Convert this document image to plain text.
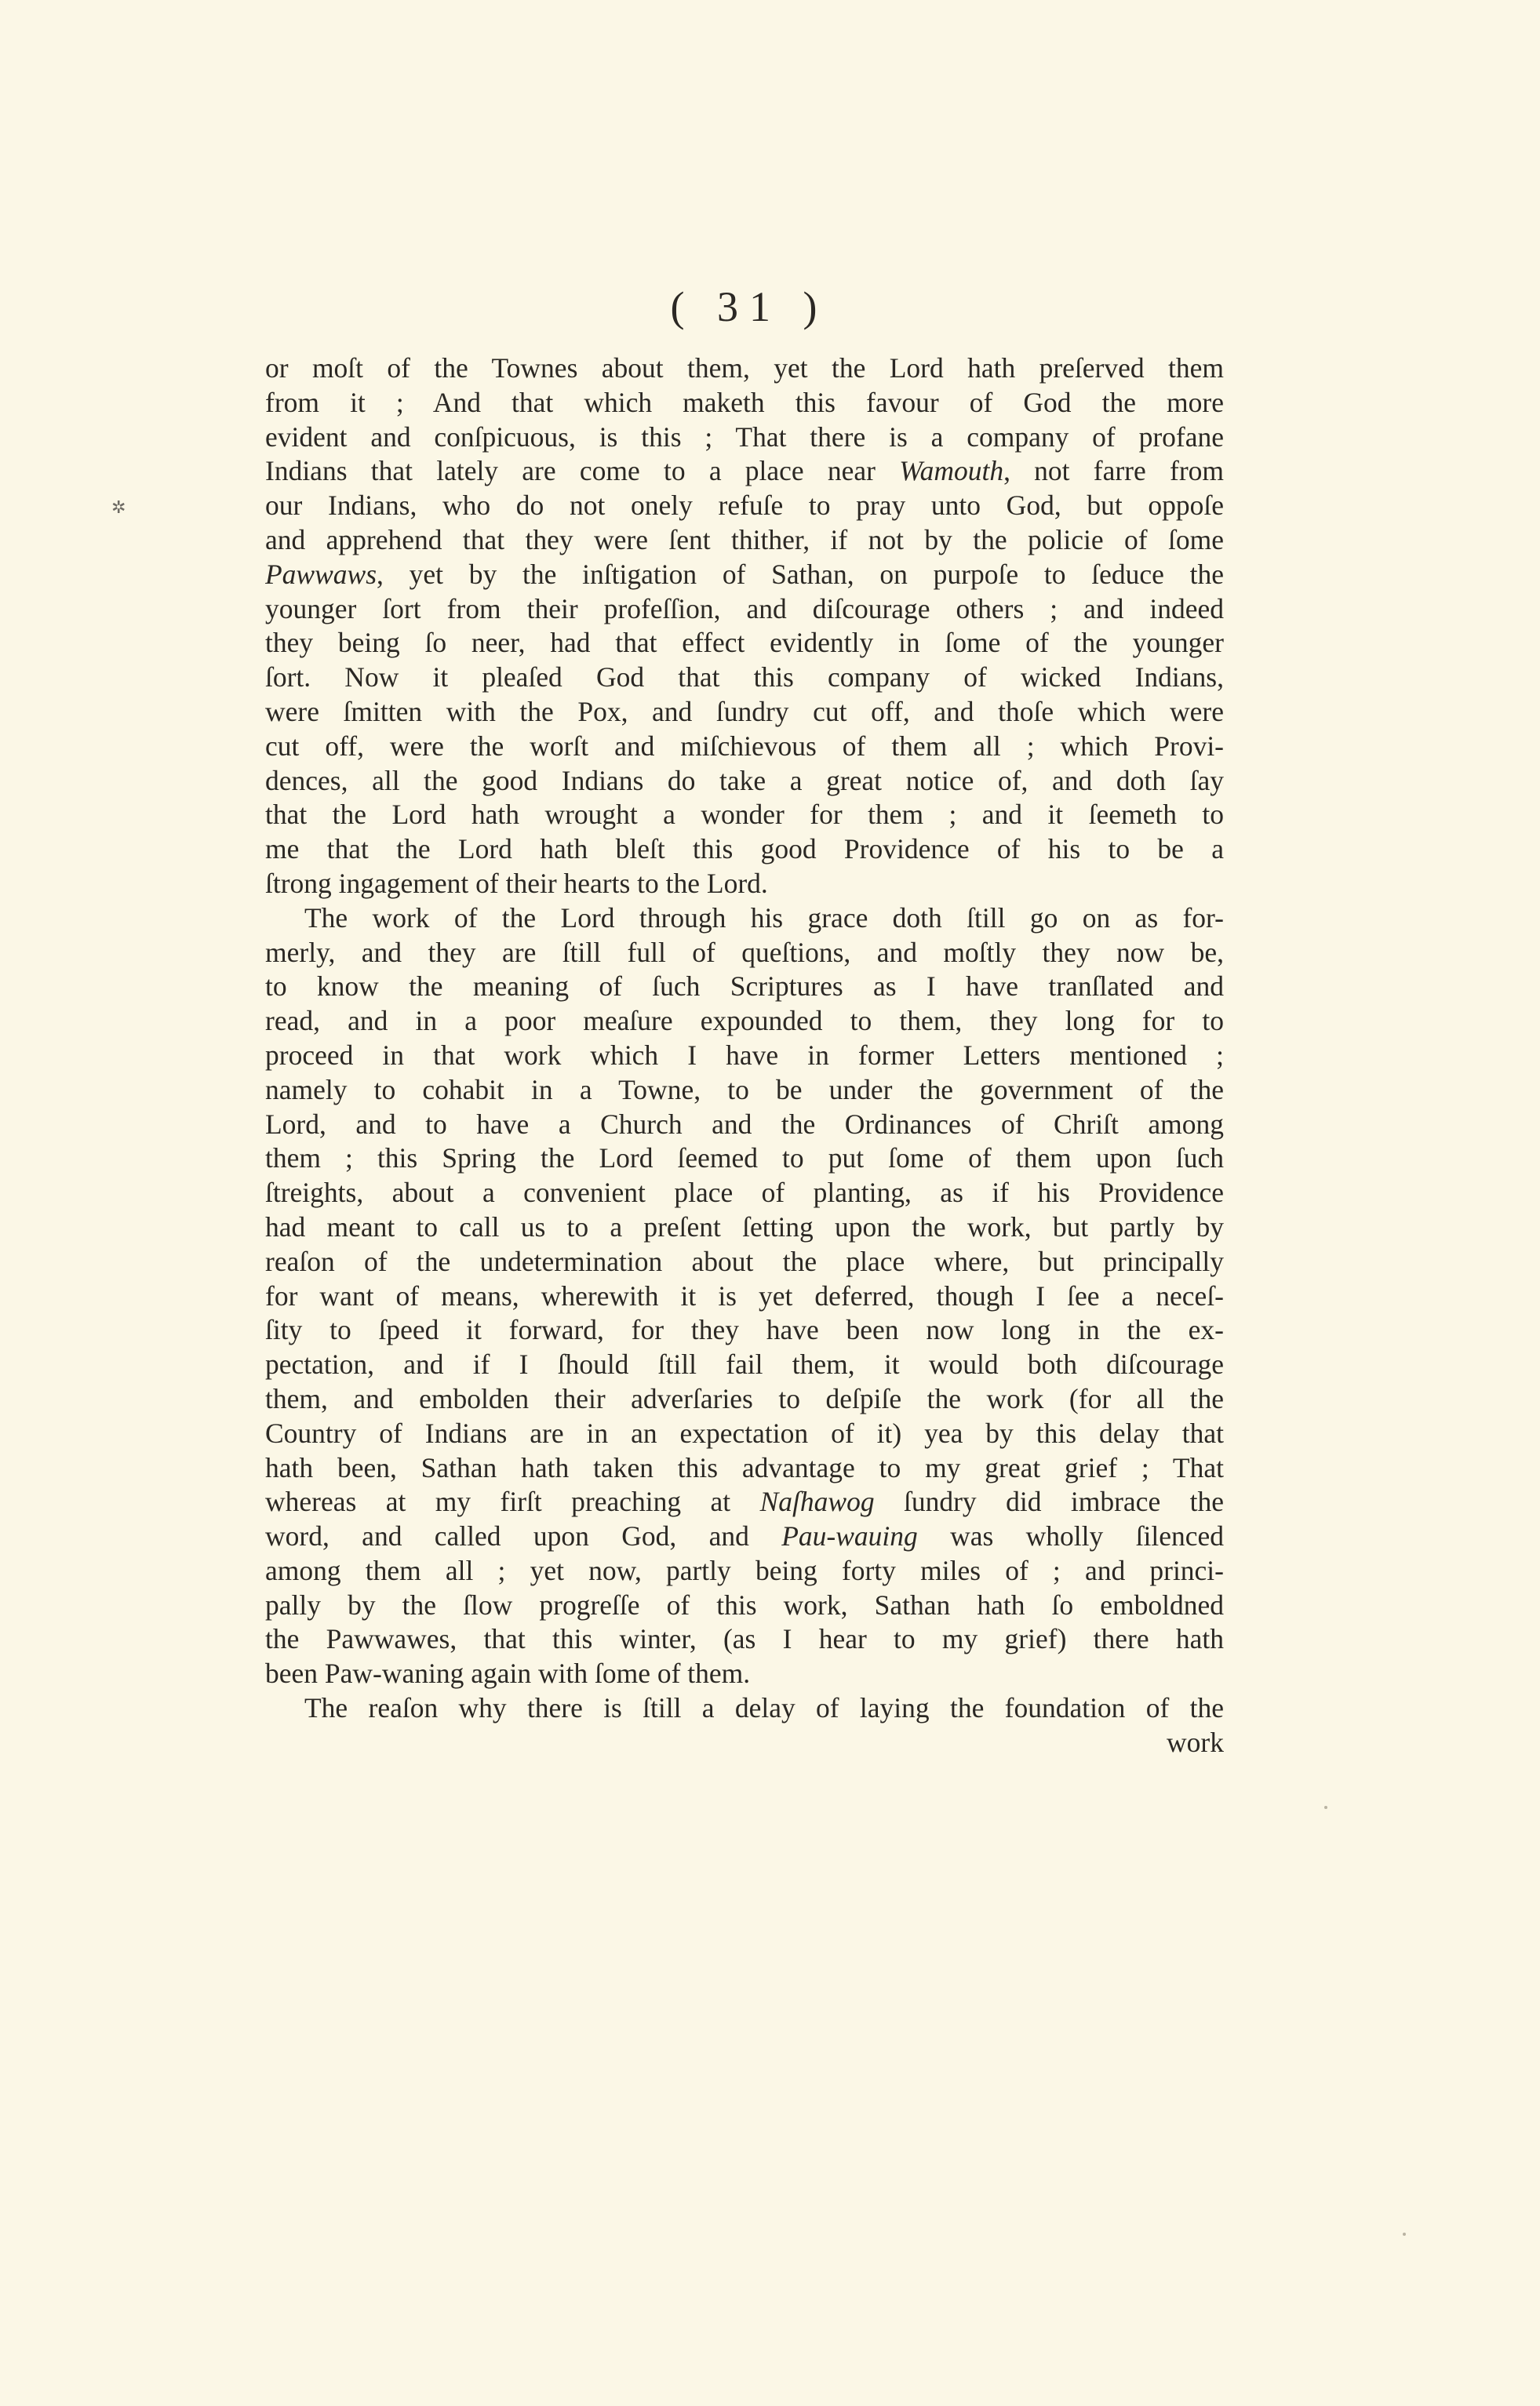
( 31 )
✲
or moſt of the Townes about them, yet the Lord hath preſerved them
from it ; And that which maketh this favour of God the more
evident and conſpicuous, is this ; That there is a company of profane
Indians that lately are come to a place near Wamouth, not farre from
our Indians, who do not onely refuſe to pray unto God, but oppoſe
and apprehend that they were ſent thither, if not by the policie of ſome
Pawwaws, yet by the inſtigation of Sathan, on purpoſe to ſeduce the
younger ſort from their profeſſion, and diſcourage others ; and indeed
they being ſo neer, had that effect evidently in ſome of the younger
ſort. Now it pleaſed God that this company of wicked Indians,
were ſmitten with the Pox, and ſundry cut off, and thoſe which were
cut off, were the worſt and miſchievous of them all ; which Provi-
dences, all the good Indians do take a great notice of, and doth ſay
that the Lord hath wrought a wonder for them ; and it ſeemeth to
me that the Lord hath bleſt this good Providence of his to be a
ſtrong ingagement of their hearts to the Lord.
The work of the Lord through his grace doth ſtill go on as for-
merly, and they are ſtill full of queſtions, and moſtly they now be,
to know the meaning of ſuch Scriptures as I have tranſlated and
read, and in a poor meaſure expounded to them, they long for to
proceed in that work which I have in former Letters mentioned ;
namely to cohabit in a Towne, to be under the government of the
Lord, and to have a Church and the Ordinances of Chriſt among
them ; this Spring the Lord ſeemed to put ſome of them upon ſuch
ſtreights, about a convenient place of planting, as if his Providence
had meant to call us to a preſent ſetting upon the work, but partly by
reaſon of the undetermination about the place where, but principally
for want of means, wherewith it is yet deferred, though I ſee a neceſ-
ſity to ſpeed it forward, for they have been now long in the ex-
pectation, and if I ſhould ſtill fail them, it would both diſcourage
them, and embolden their adverſaries to deſpiſe the work (for all the
Country of Indians are in an expectation of it) yea by this delay that
hath been, Sathan hath taken this advantage to my great grief ; That
whereas at my firſt preaching at Naſhawog ſundry did imbrace the
word, and called upon God, and Pau-wauing was wholly ſilenced
among them all ; yet now, partly being forty miles of ; and princi-
pally by the ſlow progreſſe of this work, Sathan hath ſo emboldned
the Pawwawes, that this winter, (as I hear to my grief) there hath
been Paw-waning again with ſome of them.
The reaſon why there is ſtill a delay of laying the foundation of the
work
